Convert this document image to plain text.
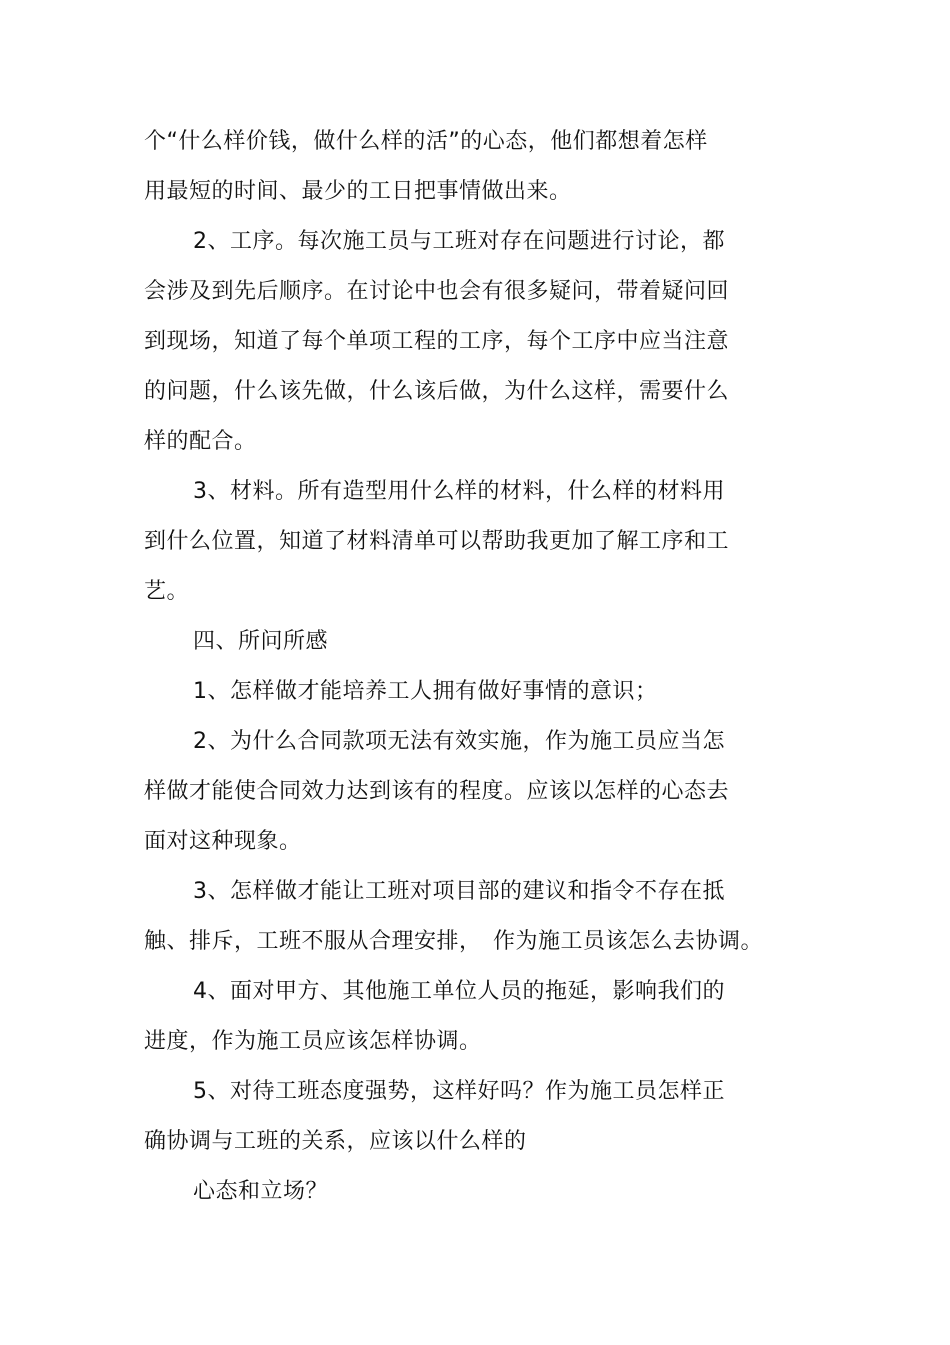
个“什么样价钱，做什么样的活”的心态，他们都想着怎样
用最短的时间、最少的工日把事情做出来。
2、工序。每次施工员与工班对存在问题进行讨论，都
会涉及到先后顺序。在讨论中也会有很多疑问，带着疑问回
到现场，知道了每个单项工程的工序，每个工序中应当注意
的问题，什么该先做，什么该后做，为什么这样，需要什么
样的配合。
3、材料。所有造型用什么样的材料，什么样的材料用
到什么位置，知道了材料清单可以帮助我更加了解工序和工
艺。
四、所问所感
1、怎样做才能培养工人拥有做好事情的意识；
2、为什么合同款项无法有效实施，作为施工员应当怎
样做才能使合同效力达到该有的程度。应该以怎样的心态去
面对这种现象。
3、怎样做才能让工班对项目部的建议和指令不存在抵
触、排斥，工班不服从合理安排，　作为施工员该怎么去协调。
4、面对甲方、其他施工单位人员的拖延，影响我们的
进度，作为施工员应该怎样协调。
5、对待工班态度强势，这样好吗？作为施工员怎样正
确协调与工班的关系，应该以什么样的
心态和立场？
